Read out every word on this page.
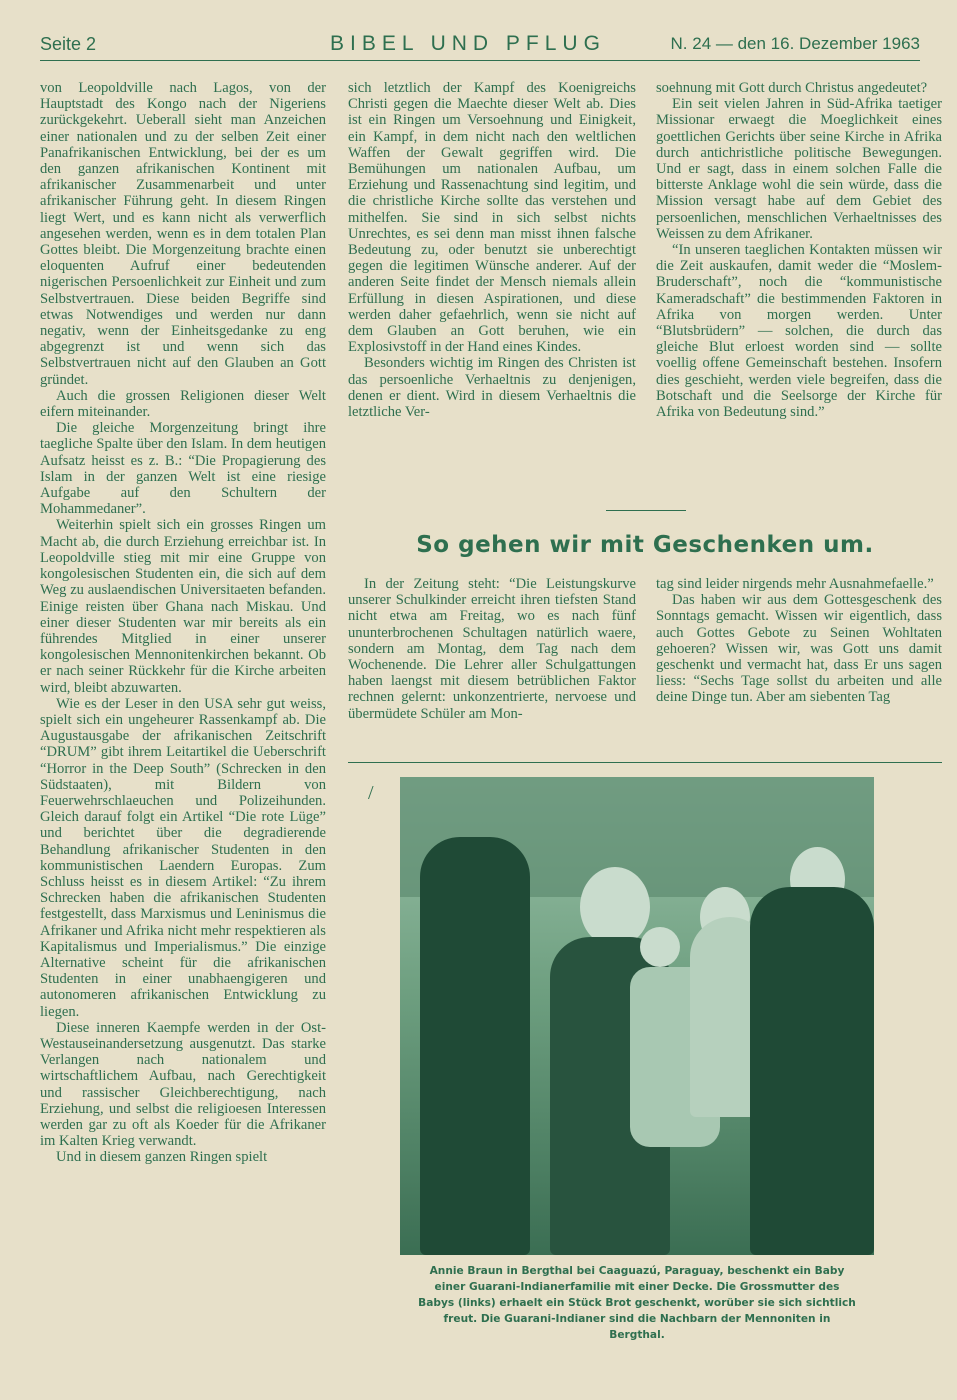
Seite 2	BIBEL UND PFLUG	N. 24 — den 16. Dezember 1963

von Leopoldville nach Lagos, von der Hauptstadt des Kongo nach der Nigeriens zurückgekehrt. Ueberall sieht man Anzeichen einer nationalen und zu der selben Zeit einer Panafrikanischen Entwicklung, bei der es um den ganzen afrikanischen Kontinent mit afrikanischer Zusammenarbeit und unter afrikanischer Führung geht. In diesem Ringen liegt Wert, und es kann nicht als verwerflich angesehen werden, wenn es in dem totalen Plan Gottes bleibt. Die Morgenzeitung brachte einen eloquenten Aufruf einer bedeutenden nigerischen Persoenlichkeit zur Einheit und zum Selbstvertrauen. Diese beiden Begriffe sind etwas Notwendiges und werden nur dann negativ, wenn der Einheitsgedanke zu eng abgegrenzt ist und wenn sich das Selbstvertrauen nicht auf den Glauben an Gott gründet.

Auch die grossen Religionen dieser Welt eifern miteinander.

Die gleiche Morgenzeitung bringt ihre taegliche Spalte über den Islam. In dem heutigen Aufsatz heisst es z. B.: “Die Propagierung des Islam in der ganzen Welt ist eine riesige Aufgabe auf den Schultern der Mohammedaner”.

Weiterhin spielt sich ein grosses Ringen um Macht ab, die durch Erziehung erreichbar ist. In Leopoldville stieg mit mir eine Gruppe von kongolesischen Studenten ein, die sich auf dem Weg zu auslaendischen Universitaeten befanden. Einige reisten über Ghana nach Miskau. Und einer dieser Studenten war mir bereits als ein führendes Mitglied in einer unserer kongolesischen Mennonitenkirchen bekannt. Ob er nach seiner Rückkehr für die Kirche arbeiten wird, bleibt abzuwarten.

Wie es der Leser in den USA sehr gut weiss, spielt sich ein ungeheurer Rassenkampf ab. Die Augustausgabe der afrikanischen Zeitschrift “DRUM” gibt ihrem Leitartikel die Ueberschrift “Horror in the Deep South” (Schrecken in den Südstaaten), mit Bildern von Feuerwehrschlaeuchen und Polizeihunden. Gleich darauf folgt ein Artikel “Die rote Lüge” und berichtet über die degradierende Behandlung afrikanischer Studenten in den kommunistischen Laendern Europas. Zum Schluss heisst es in diesem Artikel: “Zu ihrem Schrecken haben die afrikanischen Studenten festgestellt, dass Marxismus und Leninismus die Afrikaner und Afrika nicht mehr respektieren als Kapitalismus und Imperialismus.” Die einzige Alternative scheint für die afrikanischen Studenten in einer unabhaengigeren und autonomeren afrikanischen Entwicklung zu liegen.

Diese inneren Kaempfe werden in der Ost-Westauseinandersetzung ausgenutzt. Das starke Verlangen nach nationalem und wirtschaftlichem Aufbau, nach Gerechtigkeit und rassischer Gleichberechtigung, nach Erziehung, und selbst die religioesen Interessen werden gar zu oft als Koeder für die Afrikaner im Kalten Krieg verwandt.

Und in diesem ganzen Ringen spielt

sich letztlich der Kampf des Koenigreichs Christi gegen die Maechte dieser Welt ab. Dies ist ein Ringen um Versoehnung und Einigkeit, ein Kampf, in dem nicht nach den weltlichen Waffen der Gewalt gegriffen wird. Die Bemühungen um nationalen Aufbau, um Erziehung und Rassenachtung sind legitim, und die christliche Kirche sollte das verstehen und mithelfen. Sie sind in sich selbst nichts Unrechtes, es sei denn man misst ihnen falsche Bedeutung zu, oder benutzt sie unberechtigt gegen die legitimen Wünsche anderer. Auf der anderen Seite findet der Mensch niemals allein Erfüllung in diesen Aspirationen, und diese werden daher gefaehrlich, wenn sie nicht auf dem Glauben an Gott beruhen, wie ein Explosivstoff in der Hand eines Kindes.

Besonders wichtig im Ringen des Christen ist das persoenliche Verhaeltnis zu denjenigen, denen er dient. Wird in diesem Verhaeltnis die letztliche Ver-

soehnung mit Gott durch Christus angedeutet?

Ein seit vielen Jahren in Süd-Afrika taetiger Missionar erwaegt die Moeglichkeit eines goettlichen Gerichts über seine Kirche in Afrika durch antichristliche politische Bewegungen. Und er sagt, dass in einem solchen Falle die bitterste Anklage wohl die sein würde, dass die Mission versagt habe auf dem Gebiet des persoenlichen, menschlichen Verhaeltnisses des Weissen zu dem Afrikaner.

“In unseren taeglichen Kontakten müssen wir die Zeit auskaufen, damit weder die “Moslem-Bruderschaft”, noch die “kommunistische Kameradschaft” die bestimmenden Faktoren in Afrika von morgen werden. Unter “Blutsbrüdern” — solchen, die durch das gleiche Blut erloest worden sind — sollte voellig offene Gemeinschaft bestehen. Insofern dies geschieht, werden viele begreifen, dass die Botschaft und die Seelsorge der Kirche für Afrika von Bedeutung sind.”

So gehen wir mit Geschenken um.

In der Zeitung steht: “Die Leistungskurve unserer Schulkinder erreicht ihren tiefsten Stand nicht etwa am Freitag, wo es nach fünf ununterbrochenen Schultagen natürlich waere, sondern am Montag, dem Tag nach dem Wochenende. Die Lehrer aller Schulgattungen haben laengst mit diesem betrüblichen Faktor rechnen gelernt: unkonzentrierte, nervoese und übermüdete Schüler am Mon-

tag sind leider nirgends mehr Ausnahmefaelle.”

Das haben wir aus dem Gottesgeschenk des Sonntags gemacht. Wissen wir eigentlich, dass auch Gottes Gebote zu Seinen Wohltaten gehoeren? Wissen wir, was Gott uns damit geschenkt und vermacht hat, dass Er uns sagen liess: “Sechs Tage sollst du arbeiten und alle deine Dinge tun. Aber am siebenten Tag

/
Annie Braun in Bergthal bei Caaguazú, Paraguay, beschenkt ein Baby
einer Guarani-Indianerfamilie mit einer Decke. Die Grossmutter des
Babys (links) erhaelt ein Stück Brot geschenkt, worüber sie sich sichtlich
freut. Die Guarani-Indianer sind die Nachbarn der Mennoniten in
Bergthal.
